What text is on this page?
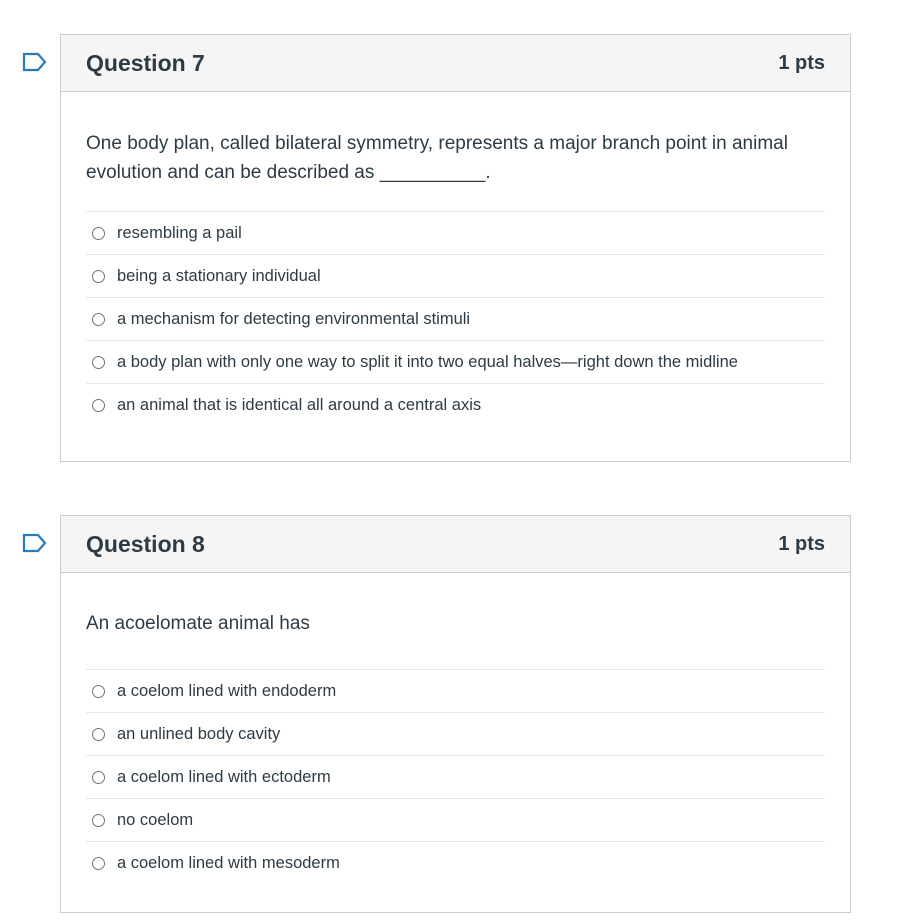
Question 7	1 pts
One body plan, called bilateral symmetry, represents a major branch point in animal evolution and can be described as __________.
resembling a pail
being a stationary individual
a mechanism for detecting environmental stimuli
a body plan with only one way to split it into two equal halves—right down the midline
an animal that is identical all around a central axis
Question 8	1 pts
An acoelomate animal has
a coelom lined with endoderm
an unlined body cavity
a coelom lined with ectoderm
no coelom
a coelom lined with mesoderm
